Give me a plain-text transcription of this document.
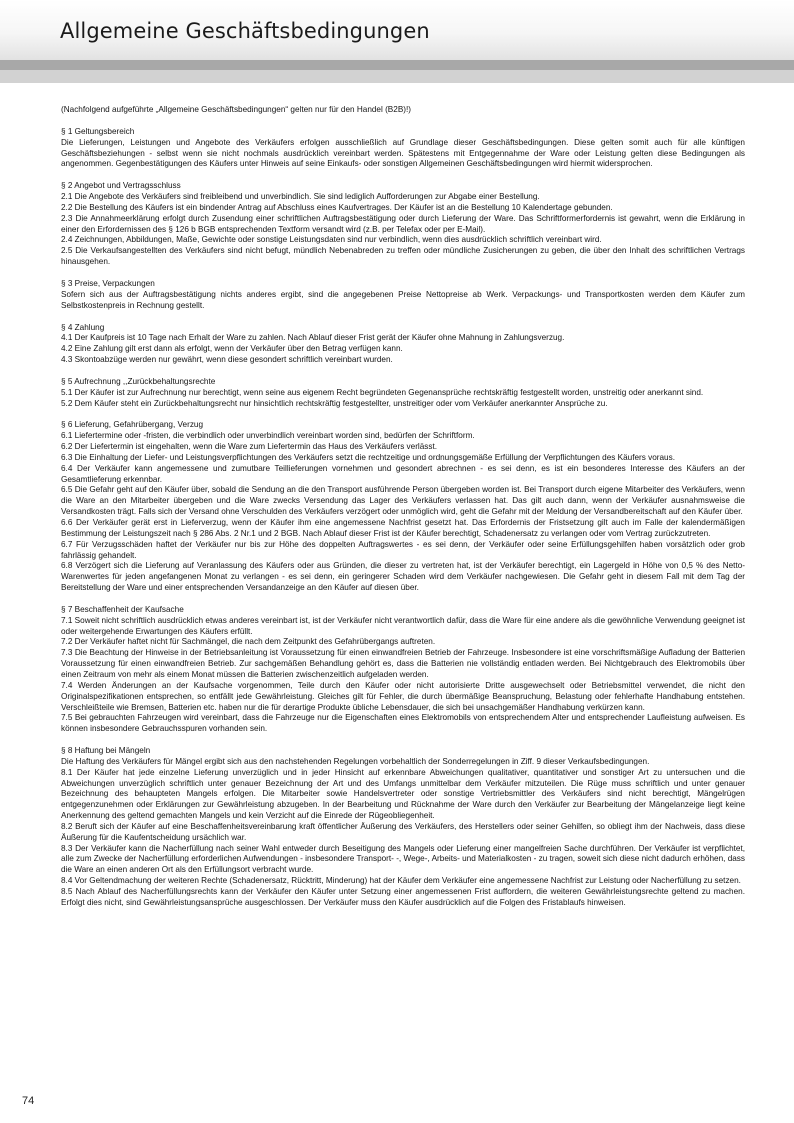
Allgemeine Geschäftsbedingungen

(Nachfolgend aufgeführte „Allgemeine Geschäftsbedingungen“ gelten nur für den Handel (B2B)!)

§ 1 Geltungsbereich

Die Lieferungen, Leistungen und Angebote des Verkäufers erfolgen ausschließlich auf Grundlage dieser Geschäftsbedingungen. Diese gelten somit auch für alle künftigen Geschäftsbeziehungen - selbst wenn sie nicht nochmals ausdrücklich vereinbart werden. Spätestens mit Entgegennahme der Ware oder Leistung gelten diese Bedingungen als angenommen. Gegenbestätigungen des Käufers unter Hinweis auf seine Einkaufs- oder sonstigen Allgemeinen Geschäftsbedingungen wird hiermit widersprochen.

§ 2 Angebot und Vertragsschluss

2.1 Die Angebote des Verkäufers sind freibleibend und unverbindlich. Sie sind lediglich Aufforderungen zur Abgabe einer Bestellung.

2.2 Die Bestellung des Käufers ist ein bindender Antrag auf Abschluss eines Kaufvertrages. Der Käufer ist an die Bestellung 10 Kalendertage gebunden.

2.3 Die Annahmeerklärung erfolgt durch Zusendung einer schriftlichen Auftragsbestätigung oder durch Lieferung der Ware. Das Schriftformerfordernis ist gewahrt, wenn die Erklärung in einer den Erfordernissen des § 126 b BGB entsprechenden Textform versandt wird (z.B. per Telefax oder per E-Mail).

2.4 Zeichnungen, Abbildungen, Maße, Gewichte oder sonstige Leistungsdaten sind nur verbindlich, wenn dies ausdrücklich schriftlich vereinbart wird.

2.5 Die Verkaufsangestellten des Verkäufers sind nicht befugt, mündlich Nebenabreden zu treffen oder mündliche Zusicherungen zu geben, die über den Inhalt des schriftlichen Vertrags hinausgehen.

§ 3 Preise, Verpackungen

Sofern sich aus der Auftragsbestätigung nichts anderes ergibt, sind die angegebenen Preise Nettopreise ab Werk. Verpackungs- und Transportkosten werden dem Käufer zum Selbstkostenpreis in Rechnung gestellt.

§ 4 Zahlung

4.1 Der Kaufpreis ist 10 Tage nach Erhalt der Ware zu zahlen. Nach Ablauf dieser Frist gerät der Käufer ohne Mahnung in Zahlungsverzug.

4.2 Eine Zahlung gilt erst dann als erfolgt, wenn der Verkäufer über den Betrag verfügen kann.

4.3 Skontoabzüge werden nur gewährt, wenn diese gesondert schriftlich vereinbart wurden.

§ 5 Aufrechnung ,,Zurückbehaltungsrechte

5.1 Der Käufer ist zur Aufrechnung nur berechtigt, wenn seine aus eigenem Recht begründeten Gegenansprüche rechtskräftig festgestellt worden, unstreitig oder anerkannt sind.

5.2 Dem Käufer steht ein Zurückbehaltungsrecht nur hinsichtlich rechtskräftig festgestellter, unstreitiger oder vom Verkäufer anerkannter Ansprüche zu.

§ 6 Lieferung, Gefahrübergang, Verzug

6.1 Liefertermine oder -fristen, die verbindlich oder unverbindlich vereinbart worden sind, bedürfen der Schriftform.

6.2 Der Liefertermin ist eingehalten, wenn die Ware zum Liefertermin das Haus des Verkäufers verlässt.

6.3 Die Einhaltung der Liefer- und Leistungsverpflichtungen des Verkäufers setzt die rechtzeitige und ordnungsgemäße Erfüllung der Verpflichtungen des Käufers voraus.

6.4 Der Verkäufer kann angemessene und zumutbare Teillieferungen vornehmen und gesondert abrechnen - es sei denn, es ist ein besonderes Interesse des Käufers an der Gesamtlieferung erkennbar.

6.5 Die Gefahr geht auf den Käufer über, sobald die Sendung an die den Transport ausführende Person übergeben worden ist. Bei Transport durch eigene Mitarbeiter des Verkäufers, wenn die Ware an den Mitarbeiter übergeben und die Ware zwecks Versendung das Lager des Verkäufers verlassen hat. Das gilt auch dann, wenn der Verkäufer ausnahmsweise die Versandkosten trägt. Falls sich der Versand ohne Verschulden des Verkäufers verzögert oder unmöglich wird, geht die Gefahr mit der Meldung der Versandbereitschaft auf den Käufer über.

6.6 Der Verkäufer gerät erst in Lieferverzug, wenn der Käufer ihm eine angemessene Nachfrist gesetzt hat. Das Erfordernis der Fristsetzung gilt auch im Falle der kalendermäßigen Bestimmung der Leistungszeit nach § 286 Abs. 2 Nr.1 und 2 BGB. Nach Ablauf dieser Frist ist der Käufer berechtigt, Schadenersatz zu verlangen oder vom Vertrag zurückzutreten.

6.7 Für Verzugsschäden haftet der Verkäufer nur bis zur Höhe des doppelten Auftragswertes - es sei denn, der Verkäufer oder seine Erfüllungsgehilfen haben vorsätzlich oder grob fahrlässig gehandelt.

6.8 Verzögert sich die Lieferung auf Veranlassung des Käufers oder aus Gründen, die dieser zu vertreten hat, ist der Verkäufer berechtigt, ein Lagergeld in Höhe von 0,5 % des Netto-Warenwertes für jeden angefangenen Monat zu verlangen - es sei denn, ein geringerer Schaden wird dem Verkäufer nachgewiesen. Die Gefahr geht in diesem Fall mit dem Tag der Bereitstellung der Ware und einer entsprechenden Versandanzeige an den Käufer auf diesen über.

§ 7 Beschaffenheit der Kaufsache

7.1 Soweit nicht schriftlich ausdrücklich etwas anderes vereinbart ist, ist der Verkäufer nicht verantwortlich dafür, dass die Ware für eine andere als die gewöhnliche Verwendung geeignet ist oder weitergehende Erwartungen des Käufers erfüllt.

7.2 Der Verkäufer haftet nicht für Sachmängel, die nach dem Zeitpunkt des Gefahrübergangs auftreten.

7.3 Die Beachtung der Hinweise in der Betriebsanleitung ist Voraussetzung für einen einwandfreien Betrieb der Fahrzeuge. Insbesondere ist eine vorschriftsmäßige Aufladung der Batterien Voraussetzung für einen einwandfreien Betrieb. Zur sachgemäßen Behandlung gehört es, dass die Batterien nie vollständig entladen werden. Bei Nichtgebrauch des Elektromobils über einen Zeitraum von mehr als einem Monat müssen die Batterien zwischenzeitlich aufgeladen werden.

7.4 Werden Änderungen an der Kaufsache vorgenommen, Teile durch den Käufer oder nicht autorisierte Dritte ausgewechselt oder Betriebsmittel verwendet, die nicht den Originalspezifikationen entsprechen, so entfällt jede Gewährleistung. Gleiches gilt für Fehler, die durch übermäßige Beanspruchung, Belastung oder fehlerhafte Handhabung entstehen. Verschleißteile wie Bremsen, Batterien etc. haben nur die für derartige Produkte übliche Lebensdauer, die sich bei unsachgemäßer Handhabung verkürzen kann.

7.5 Bei gebrauchten Fahrzeugen wird vereinbart, dass die Fahrzeuge nur die Eigenschaften eines Elektromobils von entsprechendem Alter und entsprechender Laufleistung aufweisen. Es können insbesondere Gebrauchsspuren vorhanden sein.

§ 8 Haftung bei Mängeln

Die Haftung des Verkäufers für Mängel ergibt sich aus den nachstehenden Regelungen vorbehaltlich der Sonderregelungen in Ziff. 9 dieser Verkaufsbedingungen.

8.1 Der Käufer hat jede einzelne Lieferung unverzüglich und in jeder Hinsicht auf erkennbare Abweichungen qualitativer, quantitativer und sonstiger Art zu untersuchen und die Abweichungen unverzüglich schriftlich unter genauer Bezeichnung der Art und des Umfangs unmittelbar dem Verkäufer mitzuteilen. Die Rüge muss schriftlich und unter genauer Bezeichnung des behaupteten Mangels erfolgen. Die Mitarbeiter sowie Handelsvertreter oder sonstige Vertriebsmittler des Verkäufers sind nicht berechtigt, Mängelrügen entgegenzunehmen oder Erklärungen zur Gewährleistung abzugeben. In der Bearbeitung und Rücknahme der Ware durch den Verkäufer zur Bearbeitung der Mängelanzeige liegt keine Anerkennung des geltend gemachten Mangels und kein Verzicht auf die Einrede der Rügeobliegenheit.

8.2 Beruft sich der Käufer auf eine Beschaffenheitsvereinbarung kraft öffentlicher Äußerung des Verkäufers, des Herstellers oder seiner Gehilfen, so obliegt ihm der Nachweis, dass diese Äußerung für die Kaufentscheidung ursächlich war.

8.3 Der Verkäufer kann die Nacherfüllung nach seiner Wahl entweder durch Beseitigung des Mangels oder Lieferung einer mangelfreien Sache durchführen. Der Verkäufer ist verpflichtet, alle zum Zwecke der Nacherfüllung erforderlichen Aufwendungen - insbesondere Transport- -, Wege-, Arbeits- und Materialkosten - zu tragen, soweit sich diese nicht dadurch erhöhen, dass die Ware an einen anderen Ort als den Erfüllungsort verbracht wurde.

8.4 Vor Geltendmachung der weiteren Rechte (Schadenersatz, Rücktritt, Minderung) hat der Käufer dem Verkäufer eine angemessene Nachfrist zur Leistung oder Nacherfüllung zu setzen.

8.5 Nach Ablauf des Nacherfüllungsrechts kann der Verkäufer den Käufer unter Setzung einer angemessenen Frist auffordern, die weiteren Gewährleistungsrechte geltend zu machen. Erfolgt dies nicht, sind Gewährleistungsansprüche ausgeschlossen. Der Verkäufer muss den Käufer ausdrücklich auf die Folgen des Fristablaufs hinweisen.

74
